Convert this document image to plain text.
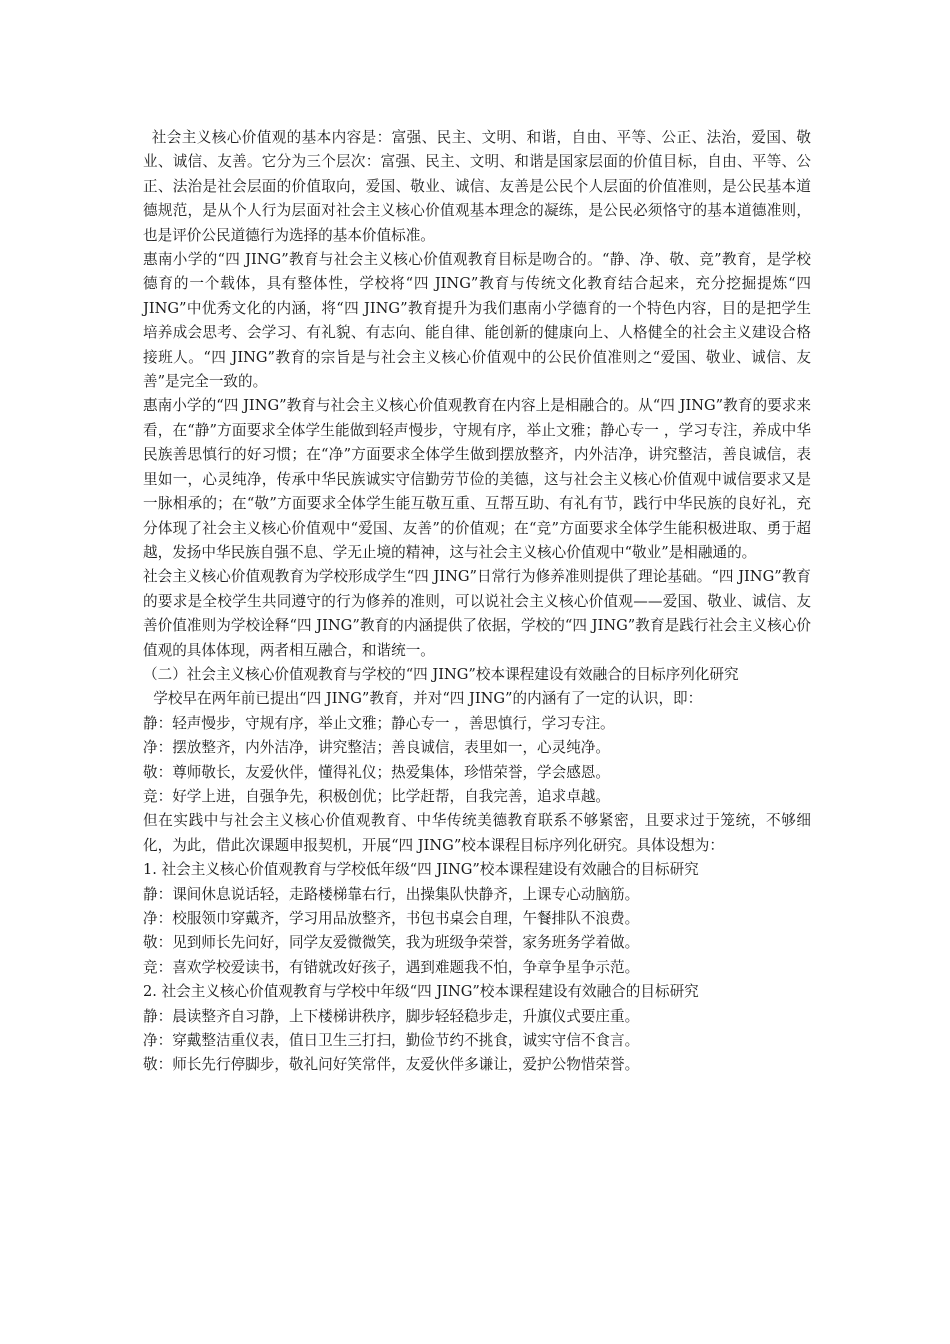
社会主义核心价值观的基本内容是：富强、民主、文明、和谐，自由、平等、公正、法治，爱国、敬业、诚信、友善。它分为三个层次：富强、民主、文明、和谐是国家层面的价值目标，自由、平等、公正、法治是社会层面的价值取向，爱国、敬业、诚信、友善是公民个人层面的价值准则，是公民基本道德规范，是从个人行为层面对社会主义核心价值观基本理念的凝练，是公民必须恪守的基本道德准则，也是评价公民道德行为选择的基本价值标准。

惠南小学的“四 JING”教育与社会主义核心价值观教育目标是吻合的。“静、净、敬、竞”教育，是学校德育的一个载体，具有整体性，学校将“四 JING”教育与传统文化教育结合起来，充分挖掘提炼“四 JING”中优秀文化的内涵，将“四 JING”教育提升为我们惠南小学德育的一个特色内容，目的是把学生培养成会思考、会学习、有礼貌、有志向、能自律、能创新的健康向上、人格健全的社会主义建设合格接班人。“四 JING”教育的宗旨是与社会主义核心价值观中的公民价值准则之“爱国、敬业、诚信、友善”是完全一致的。

惠南小学的“四 JING”教育与社会主义核心价值观教育在内容上是相融合的。从“四 JING”教育的要求来看，在“静”方面要求全体学生能做到轻声慢步，守规有序，举止文雅；静心专一 ，学习专注，养成中华民族善思慎行的好习惯；在“净”方面要求全体学生做到摆放整齐，内外洁净，讲究整洁，善良诚信，表里如一，心灵纯净，传承中华民族诚实守信勤劳节俭的美德，这与社会主义核心价值观中诚信要求又是一脉相承的；在“敬”方面要求全体学生能互敬互重、互帮互助、有礼有节，践行中华民族的良好礼，充分体现了社会主义核心价值观中“爱国、友善”的价值观；在“竞”方面要求全体学生能积极进取、勇于超越，发扬中华民族自强不息、学无止境的精神，这与社会主义核心价值观中“敬业”是相融通的。

社会主义核心价值观教育为学校形成学生“四 JING”日常行为修养准则提供了理论基础。“四 JING”教育的要求是全校学生共同遵守的行为修养的准则，可以说社会主义核心价值观——爱国、敬业、诚信、友善价值准则为学校诠释“四 JING”教育的内涵提供了依据，学校的“四 JING”教育是践行社会主义核心价值观的具体体现，两者相互融合，和谐统一。

（二）社会主义核心价值观教育与学校的“四 JING”校本课程建设有效融合的目标序列化研究

学校早在两年前已提出“四 JING”教育，并对“四 JING”的内涵有了一定的认识，即：

静：轻声慢步，守规有序，举止文雅；静心专一 ，善思慎行，学习专注。

净：摆放整齐，内外洁净，讲究整洁；善良诚信，表里如一，心灵纯净。

敬：尊师敬长，友爱伙伴，懂得礼仪；热爱集体，珍惜荣誉，学会感恩。

竞：好学上进，自强争先，积极创优；比学赶帮，自我完善，追求卓越。

但在实践中与社会主义核心价值观教育、中华传统美德教育联系不够紧密，且要求过于笼统，不够细化，为此，借此次课题申报契机，开展“四 JING”校本课程目标序列化研究。具体设想为：

1. 社会主义核心价值观教育与学校低年级“四 JING”校本课程建设有效融合的目标研究

静：课间休息说话轻，走路楼梯靠右行，出操集队快静齐，上课专心动脑筋。

净：校服领巾穿戴齐，学习用品放整齐，书包书桌会自理，午餐排队不浪费。

敬：见到师长先问好，同学友爱微微笑，我为班级争荣誉，家务班务学着做。

竞：喜欢学校爱读书，有错就改好孩子，遇到难题我不怕，争章争星争示范。

2. 社会主义核心价值观教育与学校中年级“四 JING”校本课程建设有效融合的目标研究

静：晨读整齐自习静，上下楼梯讲秩序，脚步轻轻稳步走，升旗仪式要庄重。

净：穿戴整洁重仪表，值日卫生三打扫，勤俭节约不挑食，诚实守信不食言。

敬：师长先行停脚步，敬礼问好笑常伴，友爱伙伴多谦让，爱护公物惜荣誉。
